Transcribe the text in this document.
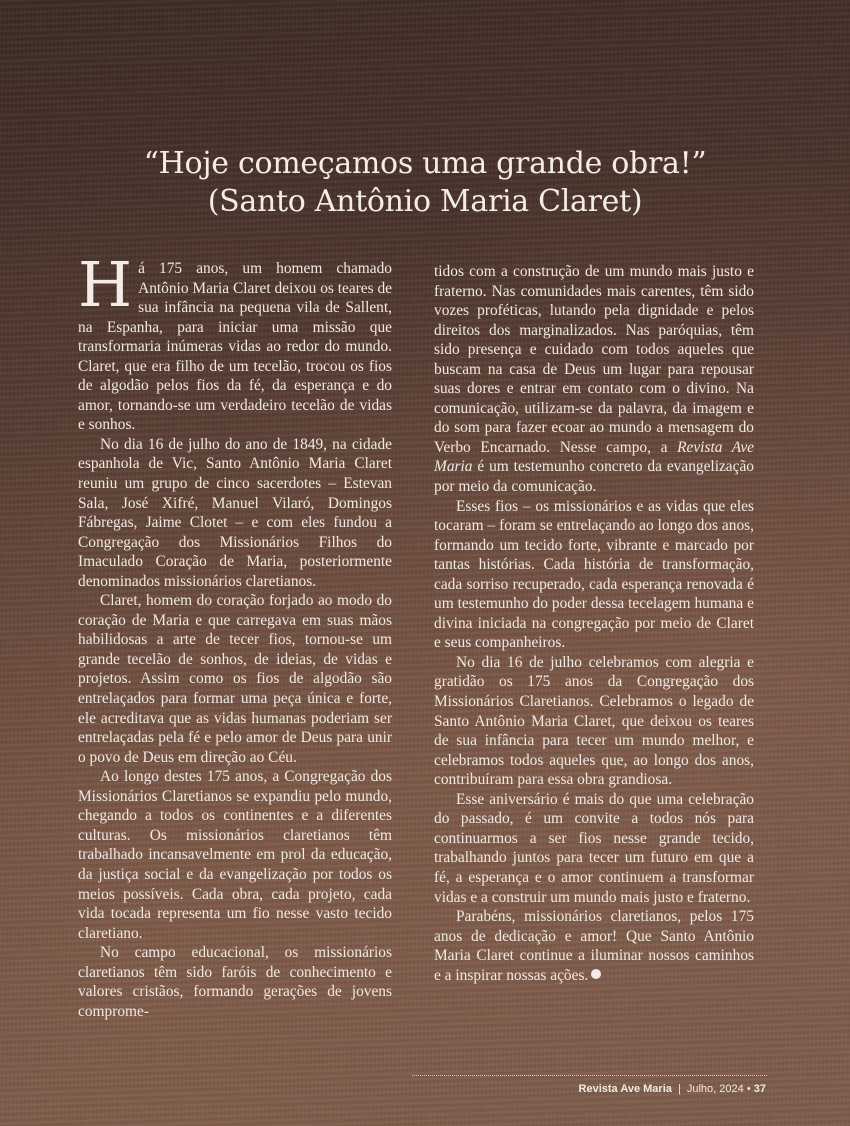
“Hoje começamos uma grande obra!”
(Santo Antônio Maria Claret)

Há 175 anos, um homem chamado Antônio Maria Claret deixou os teares de sua infância na pequena vila de Sallent, na Espanha, para iniciar uma missão que transformaria inúmeras vidas ao redor do mundo. Claret, que era filho de um tecelão, trocou os fios de algodão pelos fios da fé, da esperança e do amor, tornando-se um verdadeiro tecelão de vidas e sonhos.

No dia 16 de julho do ano de 1849, na cidade espanhola de Vic, Santo Antônio Maria Claret reuniu um grupo de cinco sacerdotes – Estevan Sala, José Xifré, Manuel Vilaró, Domingos Fábregas, Jaime Clotet – e com eles fundou a Congregação dos Missionários Filhos do Imaculado Coração de Maria, posteriormente denominados missionários claretianos.

Claret, homem do coração forjado ao modo do coração de Maria e que carregava em suas mãos habilidosas a arte de tecer fios, tornou-se um grande tecelão de sonhos, de ideias, de vidas e projetos. Assim como os fios de algodão são entrelaçados para formar uma peça única e forte, ele acreditava que as vidas humanas poderiam ser entrelaçadas pela fé e pelo amor de Deus para unir o povo de Deus em direção ao Céu.

Ao longo destes 175 anos, a Congregação dos Missionários Claretianos se expandiu pelo mundo, chegando a todos os continentes e a diferentes culturas. Os missionários claretianos têm trabalhado incansavelmente em prol da educação, da justiça social e da evangelização por todos os meios possíveis. Cada obra, cada projeto, cada vida tocada representa um fio nesse vasto tecido claretiano.

No campo educacional, os missionários claretianos têm sido faróis de conhecimento e valores cristãos, formando gerações de jovens comprome-

tidos com a construção de um mundo mais justo e fraterno. Nas comunidades mais carentes, têm sido vozes proféticas, lutando pela dignidade e pelos direitos dos marginalizados. Nas paróquias, têm sido presença e cuidado com todos aqueles que buscam na casa de Deus um lugar para repousar suas dores e entrar em contato com o divino. Na comunicação, utilizam-se da palavra, da imagem e do som para fazer ecoar ao mundo a mensagem do Verbo Encarnado. Nesse campo, a Revista Ave Maria é um testemunho concreto da evangelização por meio da comunicação.

Esses fios – os missionários e as vidas que eles tocaram – foram se entrelaçando ao longo dos anos, formando um tecido forte, vibrante e marcado por tantas histórias. Cada história de transformação, cada sorriso recuperado, cada esperança renovada é um testemunho do poder dessa tecelagem humana e divina iniciada na congregação por meio de Claret e seus companheiros.

No dia 16 de julho celebramos com alegria e gratidão os 175 anos da Congregação dos Missionários Claretianos. Celebramos o legado de Santo Antônio Maria Claret, que deixou os teares de sua infância para tecer um mundo melhor, e celebramos todos aqueles que, ao longo dos anos, contribuíram para essa obra grandiosa.

Esse aniversário é mais do que uma celebração do passado, é um convite a todos nós para continuarmos a ser fios nesse grande tecido, trabalhando juntos para tecer um futuro em que a fé, a esperança e o amor continuem a transformar vidas e a construir um mundo mais justo e fraterno.

Parabéns, missionários claretianos, pelos 175 anos de dedicação e amor! Que Santo Antônio Maria Claret continue a iluminar nossos caminhos e a inspirar nossas ações.

Revista Ave Maria | Julho, 2024 • 37
